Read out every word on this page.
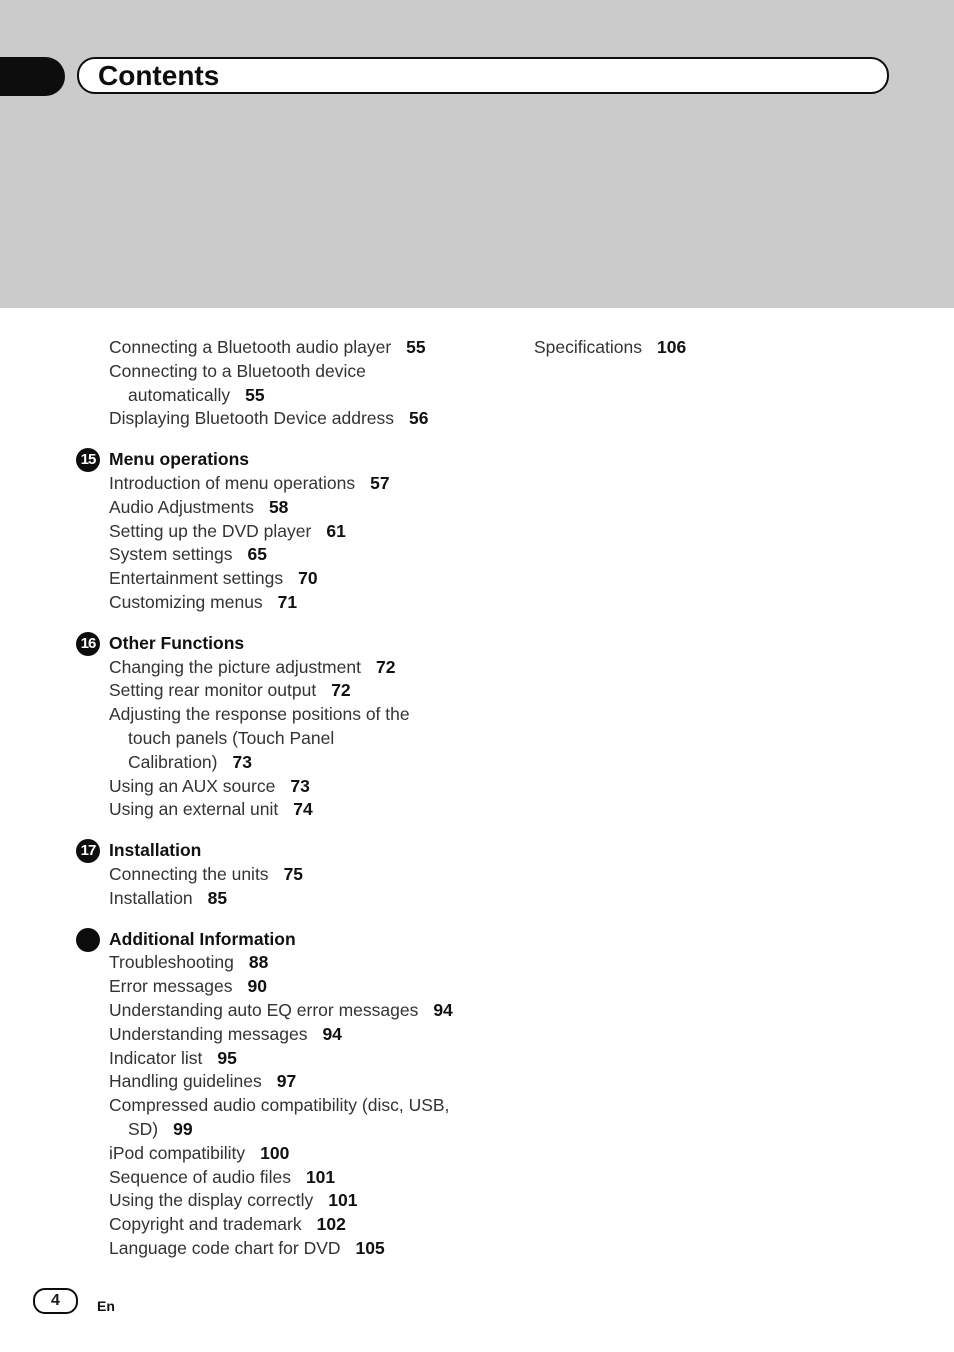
Contents
Connecting a Bluetooth audio player 55
Connecting to a Bluetooth device
automatically 55
Displaying Bluetooth Device address 56
15 Menu operations
Introduction of menu operations 57
Audio Adjustments 58
Setting up the DVD player 61
System settings 65
Entertainment settings 70
Customizing menus 71
16 Other Functions
Changing the picture adjustment 72
Setting rear monitor output 72
Adjusting the response positions of the
touch panels (Touch Panel
Calibration) 73
Using an AUX source 73
Using an external unit 74
17 Installation
Connecting the units 75
Installation 85
Additional Information
Troubleshooting 88
Error messages 90
Understanding auto EQ error messages 94
Understanding messages 94
Indicator list 95
Handling guidelines 97
Compressed audio compatibility (disc, USB,
SD) 99
iPod compatibility 100
Sequence of audio files 101
Using the display correctly 101
Copyright and trademark 102
Language code chart for DVD 105
Specifications 106
4	En
